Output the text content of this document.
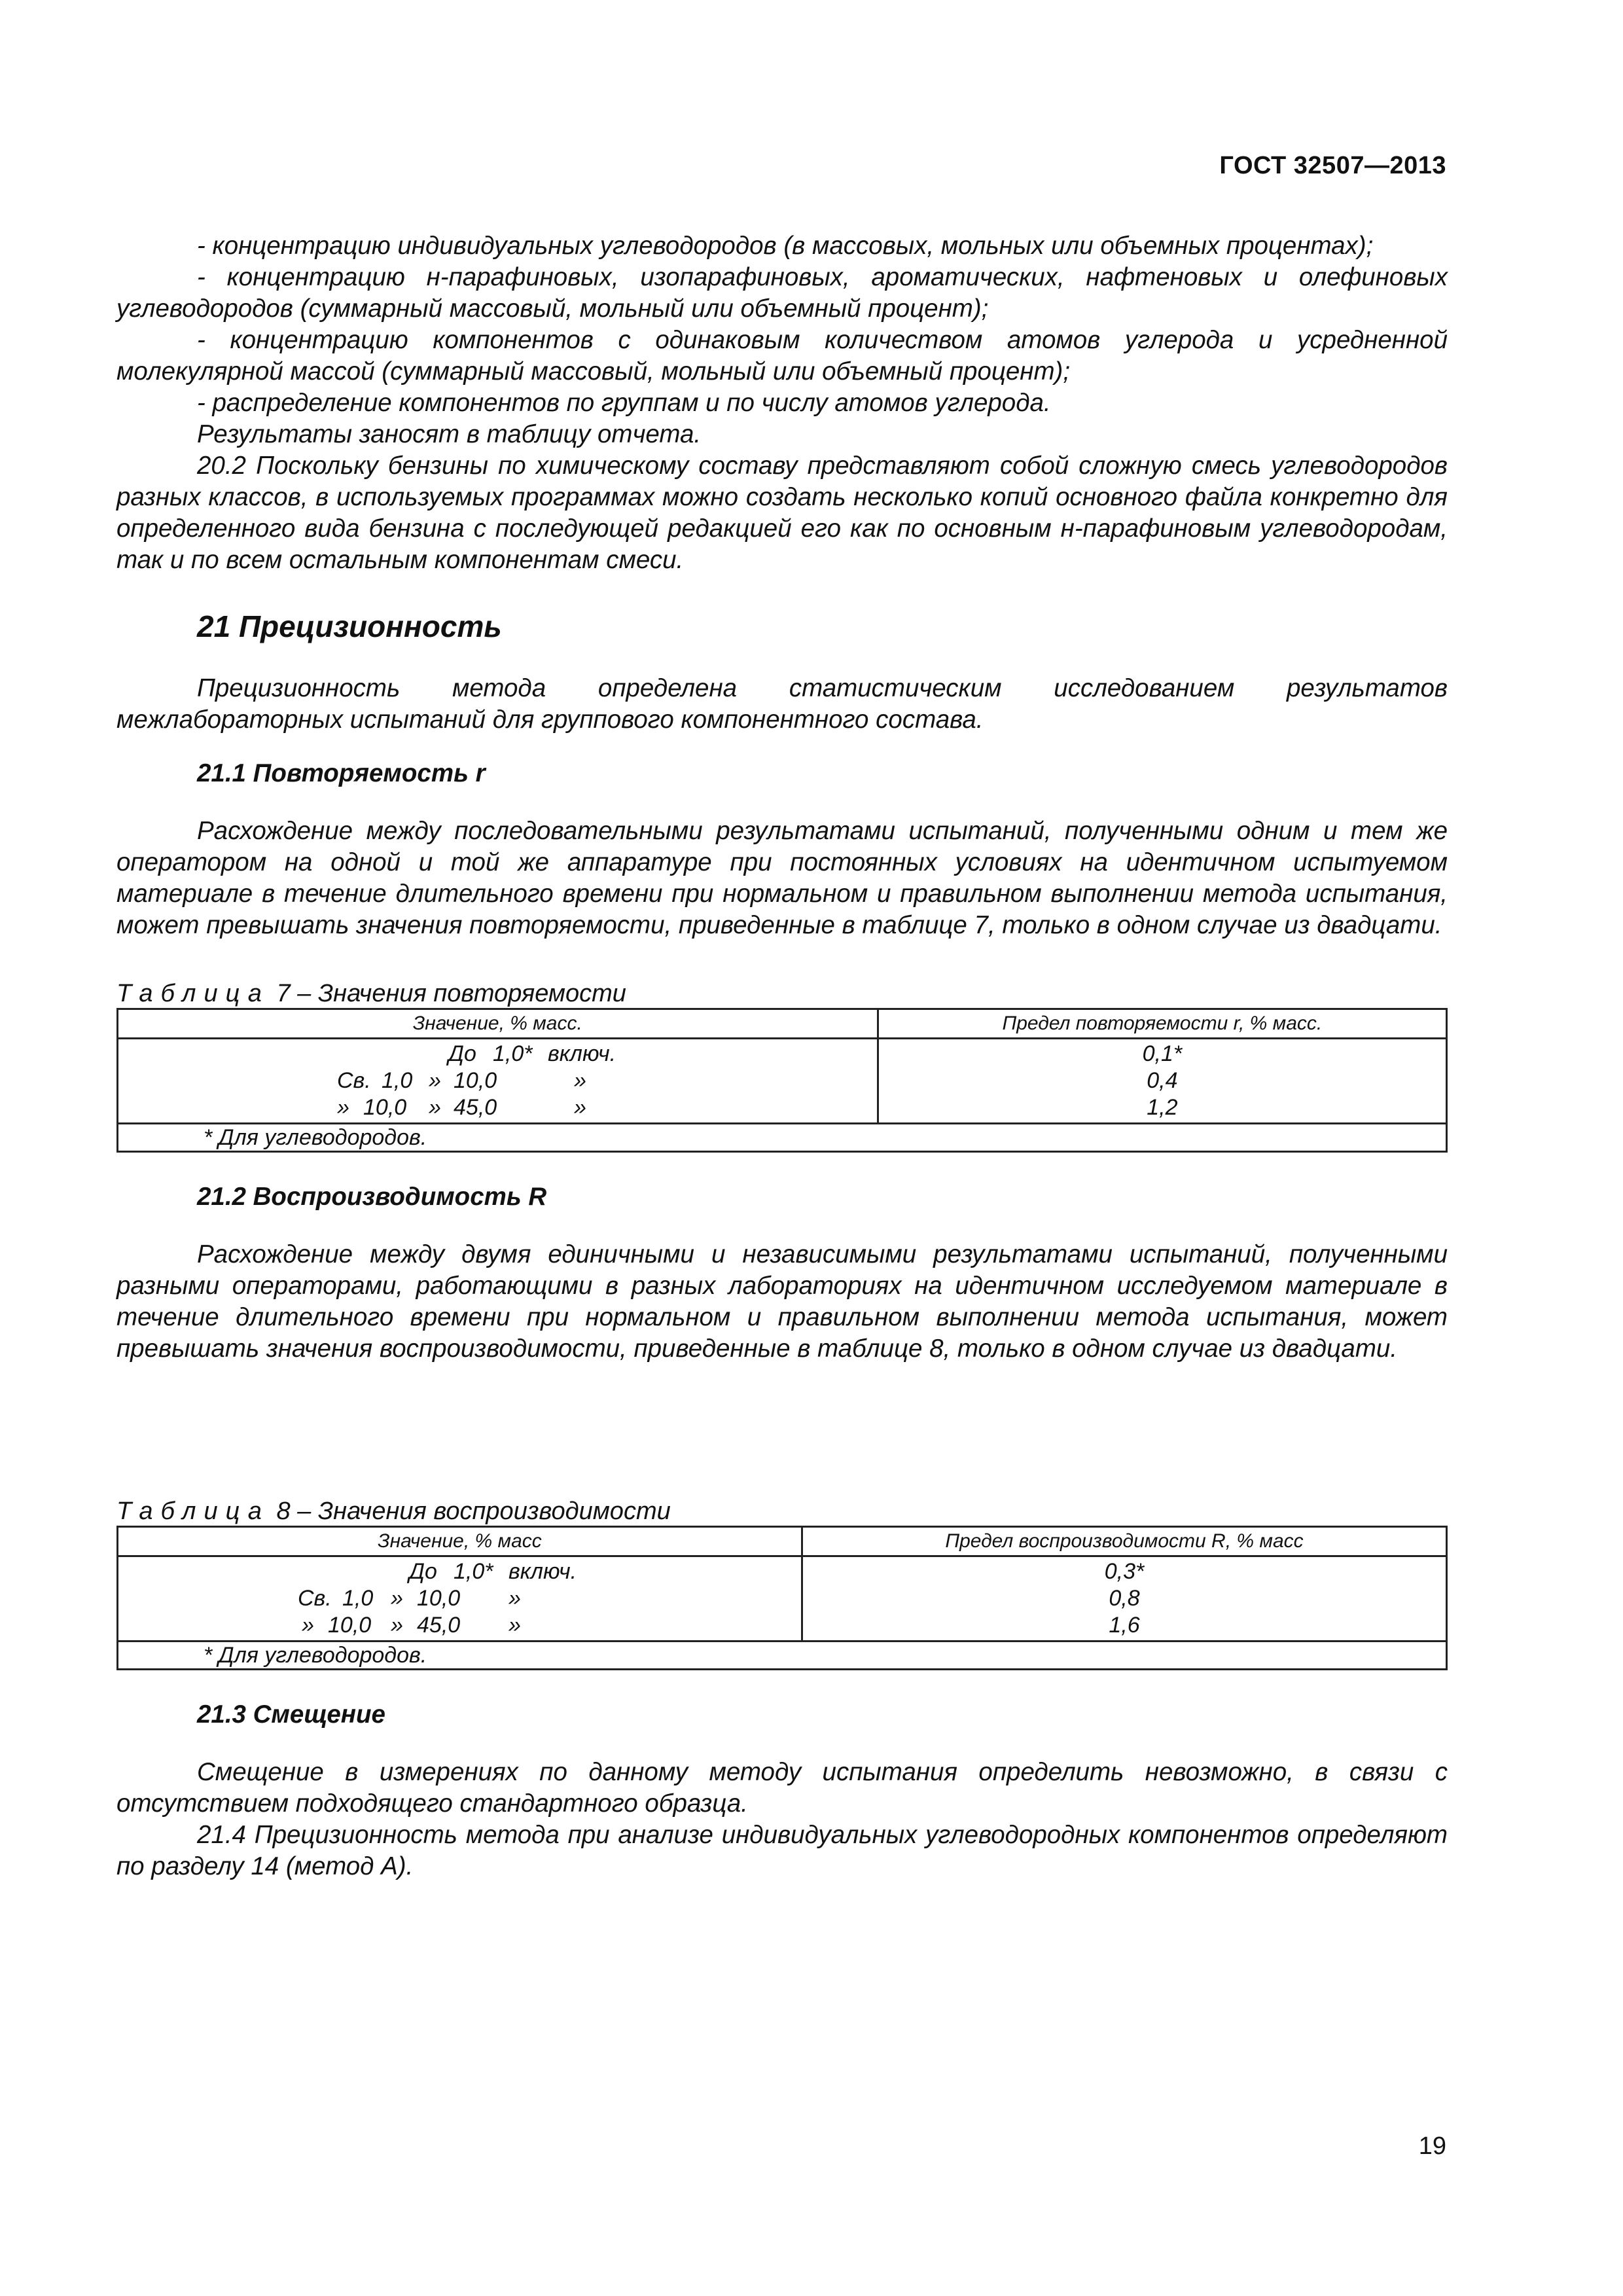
ГОСТ 32507—2013

- концентрацию индивидуальных углеводородов (в массовых, мольных или объемных процентах);

- концентрацию н-парафиновых, изопарафиновых, ароматических, нафтеновых и олефиновых углеводородов (суммарный массовый, мольный или объемный процент);

- концентрацию компонентов с одинаковым количеством атомов углерода и усредненной молекулярной массой (суммарный массовый, мольный или объемный процент);

- распределение компонентов по группам и по числу атомов углерода.

Результаты заносят в таблицу отчета.

20.2 Поскольку бензины по химическому составу представляют собой сложную смесь углеводородов разных классов, в используемых программах можно создать несколько копий основного файла конкретно для определенного вида бензина с последующей редакцией его как по основным н-парафиновым углеводородам, так и по всем остальным компонентам смеси.

21 Прецизионность

Прецизионность метода определена статистическим исследованием результатов межлабораторных испытаний для группового компонентного состава.

21.1 Повторяемость r

Расхождение между последовательными результатами испытаний, полученными одним и тем же оператором на одной и той же аппаратуре при постоянных условиях на идентичном испытуемом материале в течение длительного времени при нормальном и правильном выполнении метода испытания, может превышать значения повторяемости, приведенные в таблице 7, только в одном случае из двадцати.

Таблица 7 – Значения повторяемости
Значение, % масс.	Предел повторяемости r, % масс.

До 1,0* включ.	0,1*

Св. 1,0 » 10,0 »	0,4

» 10,0 » 45,0 »	1,2
* Для углеводородов.	
21.2 Воспроизводимость R

Расхождение между двумя единичными и независимыми результатами испытаний, полученными разными операторами, работающими в разных лабораториях на идентичном исследуемом материале в течение длительного времени при нормальном и правильном выполнении метода испытания, может превышать значения воспроизводимости, приведенные в таблице 8, только в одном случае из двадцати.

Таблица 8 – Значения воспроизводимости
Значение, % масс	Предел воспроизводимости R, % масс

До 1,0* включ.	0,3*

Св. 1,0 » 10,0 »	0,8

» 10,0 » 45,0 »	1,6
* Для углеводородов.	
21.3 Смещение

Смещение в измерениях по данному методу испытания определить невозможно, в связи с отсутствием подходящего стандартного образца.

21.4 Прецизионность метода при анализе индивидуальных углеводородных компонентов определяют по разделу 14 (метод А).

19
